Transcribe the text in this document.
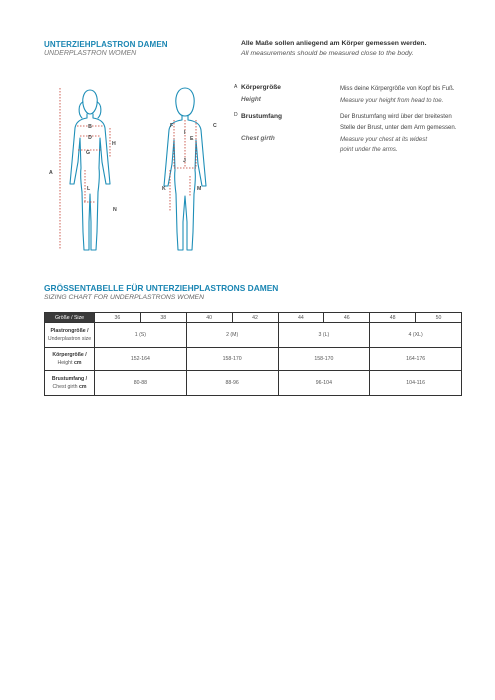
UNTERZIEHPLASTRON DAMEN
UNDERPLASTRON WOMEN
Alle Maße sollen anliegend am Körper gemessen werden.
All measurements should be measured close to the body.
A
B	C
D	E
F
G
H
I
J
K
L	M
N
A Körpergröße
Height
Miss deine Körpergröße von Kopf bis Fuß.
Measure your height from head to toe.
D Brustumfang	Der Brustumfang wird über der breitesten
Stelle der Brust, unter dem Arm gemessen.
Chest girth	Measure your chest at its widest
point under the arms.
GRÖSSENTABELLE FÜR UNTERZIEHPLASTRONS DAMEN
SIZING CHART FOR UNDERPLASTRONS WOMEN
Größe / Size	36	38	40	42	44	46	48	50

Plastrongröße /
Underplastron size	1 (S)		2 (M)		3 (L)		4 (XL)	

Körpergröße /
Height cm	152-164		158-170		158-170		164-176	

Brustumfang /
Chest girth cm	80-88		88-96		96-104		104-116	
